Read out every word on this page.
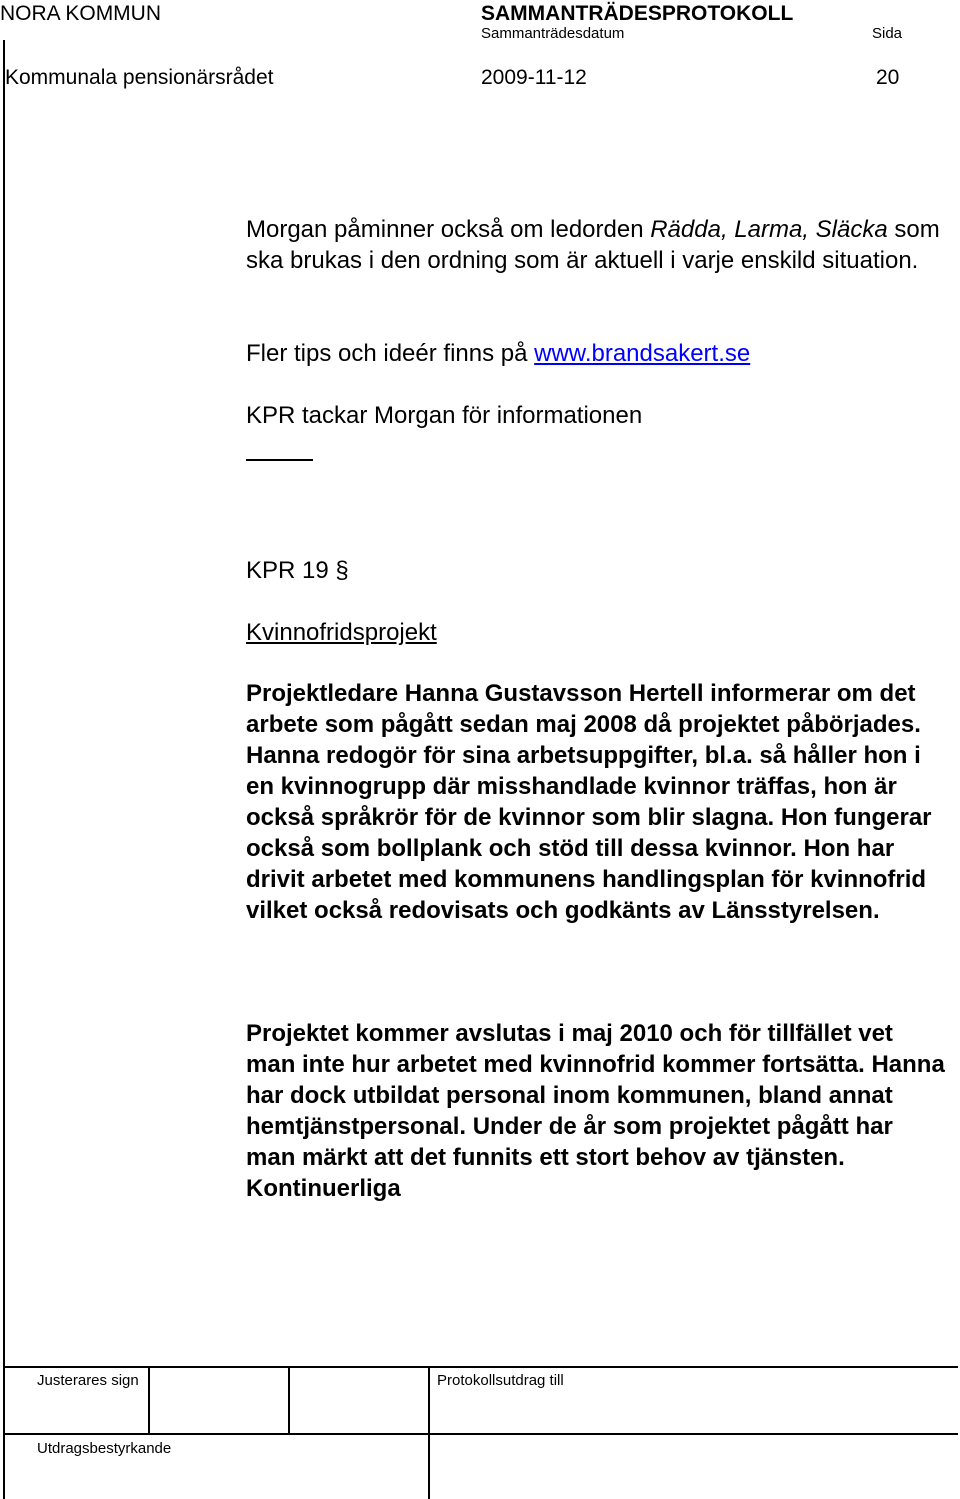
NORA KOMMUN	SAMMANTRÄDESPROTOKOLL
Sammanträdesdatum	Sida
Kommunala pensionärsrådet	2009-11-12	20
Morgan påminner också om ledorden Rädda, Larma, Släcka som ska brukas i den ordning som är aktuell i varje enskild situation.
Fler tips och ideér finns på www.brandsakert.se
KPR tackar Morgan för informationen
KPR 19 §
Kvinnofridsprojekt
Projektledare Hanna Gustavsson Hertell informerar om det arbete som pågått sedan maj 2008 då projektet påbörjades. Hanna redogör för sina arbetsuppgifter, bl.a. så håller hon i en kvinnogrupp där misshandlade kvinnor träffas, hon är också språkrör för de kvinnor som blir slagna. Hon fungerar också som bollplank och stöd till dessa kvinnor. Hon har drivit arbetet med kommunens handlingsplan för kvinnofrid vilket också redovisats och godkänts av Länsstyrelsen.
Projektet kommer avslutas i maj 2010 och för tillfället vet man inte hur arbetet med kvinnofrid kommer fortsätta. Hanna har dock utbildat personal inom kommunen, bland annat hemtjänstpersonal. Under de år som projektet pågått har man märkt att det funnits ett stort behov av tjänsten. Kontinuerliga
Justerares sign	Protokollsutdrag till
Utdragsbestyrkande
